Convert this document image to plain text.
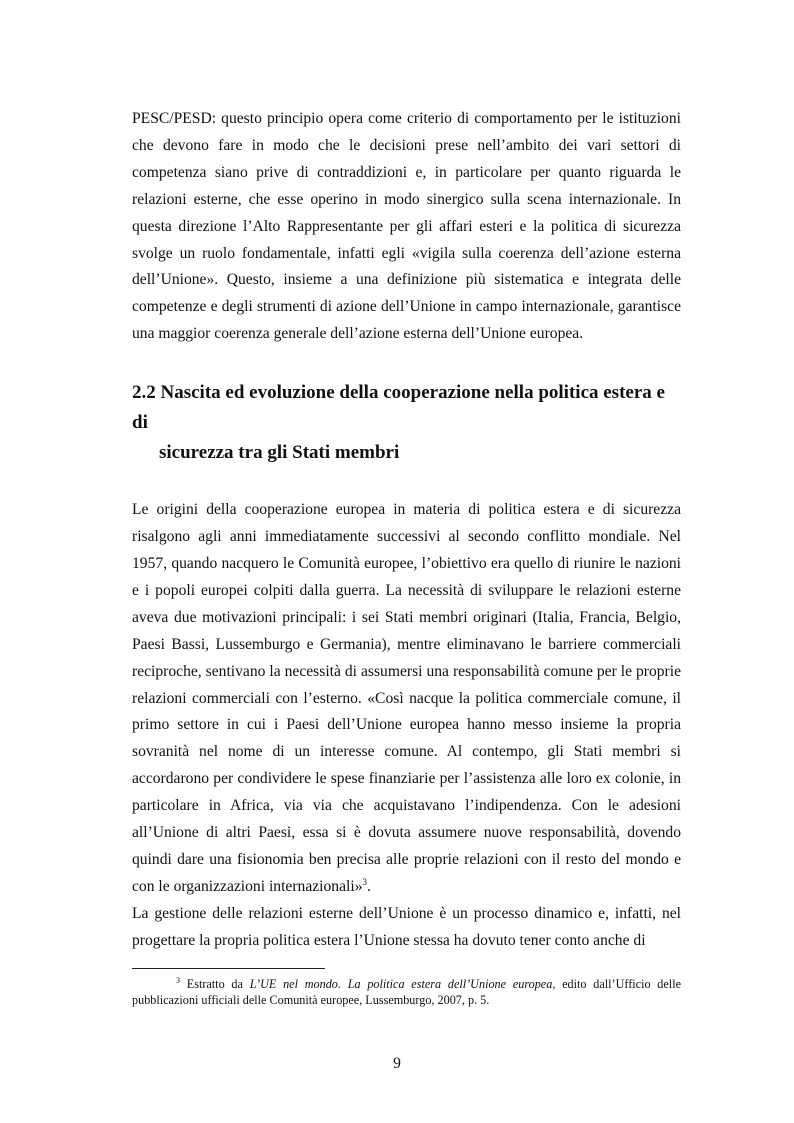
PESC/PESD: questo principio opera come criterio di comportamento per le istituzioni che devono fare in modo che le decisioni prese nell’ambito dei vari settori di competenza siano prive di contraddizioni e, in particolare per quanto riguarda le relazioni esterne, che esse operino in modo sinergico sulla scena internazionale. In questa direzione l’Alto Rappresentante per gli affari esteri e la politica di sicurezza svolge un ruolo fondamentale, infatti egli «vigila sulla coerenza dell’azione esterna dell’Unione». Questo, insieme a una definizione più sistematica e integrata delle competenze e degli strumenti di azione dell’Unione in campo internazionale, garantisce una maggior coerenza generale dell’azione esterna dell’Unione europea.

2.2 Nascita ed evoluzione della cooperazione nella politica estera e di
sicurezza tra gli Stati membri

Le origini della cooperazione europea in materia di politica estera e di sicurezza risalgono agli anni immediatamente successivi al secondo conflitto mondiale. Nel 1957, quando nacquero le Comunità europee, l’obiettivo era quello di riunire le nazioni e i popoli europei colpiti dalla guerra. La necessità di sviluppare le relazioni esterne aveva due motivazioni principali: i sei Stati membri originari (Italia, Francia, Belgio, Paesi Bassi, Lussemburgo e Germania), mentre eliminavano le barriere commerciali reciproche, sentivano la necessità di assumersi una responsabilità comune per le proprie relazioni commerciali con l’esterno. «Così nacque la politica commerciale comune, il primo settore in cui i Paesi dell’Unione europea hanno messo insieme la propria sovranità nel nome di un interesse comune. Al contempo, gli Stati membri si accordarono per condividere le spese finanziarie per l’assistenza alle loro ex colonie, in particolare in Africa, via via che acquistavano l’indipendenza. Con le adesioni all’Unione di altri Paesi, essa si è dovuta assumere nuove responsabilità, dovendo quindi dare una fisionomia ben precisa alle proprie relazioni con il resto del mondo e con le organizzazioni internazionali»$^3$.

La gestione delle relazioni esterne dell’Unione è un processo dinamico e, infatti, nel progettare la propria politica estera l’Unione stessa ha dovuto tener conto anche di

$^3$ Estratto da L’UE nel mondo. La politica estera dell’Unione europea, edito dall’Ufficio delle pubblicazioni ufficiali delle Comunità europee, Lussemburgo, 2007, p. 5.

9
